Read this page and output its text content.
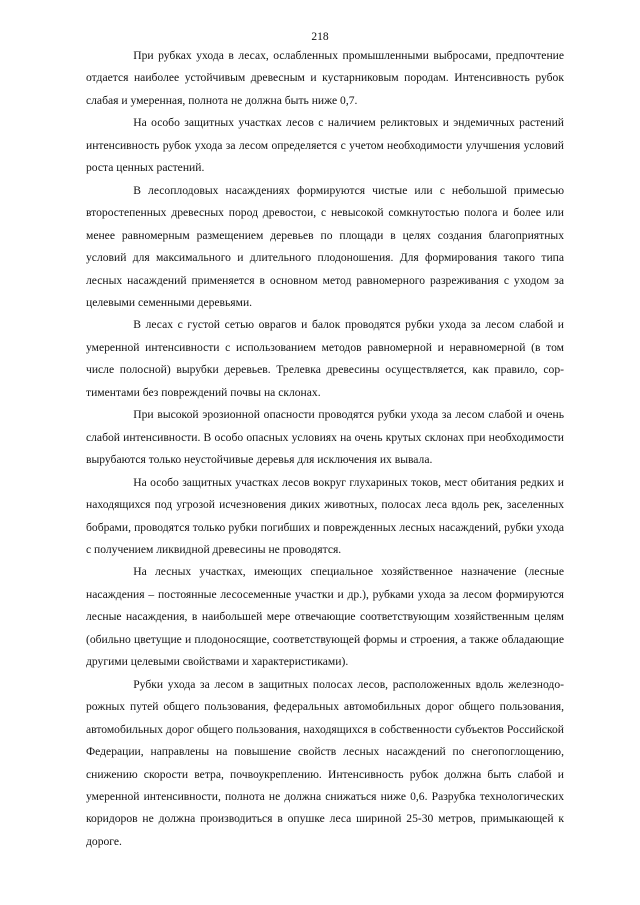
218

При рубках ухода в лесах, ослабленных промышленными выбросами, предпочтение отдается наиболее устойчивым древесным и кустарниковым породам. Интенсивность рубок слабая и умеренная, полнота не должна быть ниже 0,7.

На особо защитных участках лесов с наличием реликтовых и эндемичных растений интенсивность рубок ухода за лесом определяется с учетом необходимости улучшения условий роста ценных растений.

В лесоплодовых насаждениях формируются чистые или с небольшой примесью второстепенных древесных пород древостои, с невысокой сомкнутостью полога и более или менее равномерным размещением деревьев по площади в целях создания благоприятных условий для максимального и длительного плодоношения. Для формирования такого типа лесных насаждений применяется в основном метод равномерного разреживания с уходом за целевыми семенными деревьями.

В лесах с густой сетью оврагов и балок проводятся рубки ухода за лесом слабой и умеренной интенсивности с использованием методов равномерной и неравномерной (в том числе полосной) вырубки деревьев. Трелевка древесины осуществляется, как правило, сортиментами без повреждений почвы на склонах.

При высокой эрозионной опасности проводятся рубки ухода за лесом слабой и очень слабой интенсивности. В особо опасных условиях на очень крутых склонах при необходимости вырубаются только неустойчивые деревья для исключения их вывала.

На особо защитных участках лесов вокруг глухариных токов, мест обитания редких и находящихся под угрозой исчезновения диких животных, полосах леса вдоль рек, заселенных бобрами, проводятся только рубки погибших и поврежденных лесных насаждений, рубки ухода с получением ликвидной древесины не проводятся.

На лесных участках, имеющих специальное хозяйственное назначение (лесные насаждения – постоянные лесосеменные участки и др.), рубками ухода за лесом формируются лесные насаждения, в наибольшей мере отвечающие соответствующим хозяйственным целям (обильно цветущие и плодоносящие, соответствующей формы и строения, а также обладающие другими целевыми свойствами и характеристиками).

Рубки ухода за лесом в защитных полосах лесов, расположенных вдоль железнодорожных путей общего пользования, федеральных автомобильных дорог общего пользования, автомобильных дорог общего пользования, находящихся в собственности субъектов Российской Федерации, направлены на повышение свойств лесных насаждений по снегопоглощению, снижению скорости ветра, почвоукреплению. Интенсивность рубок должна быть слабой и умеренной интенсивности, полнота не должна снижаться ниже 0,6. Разрубка технологических коридоров не должна производиться в опушке леса шириной 25-30 метров, примыкающей к дороге.
